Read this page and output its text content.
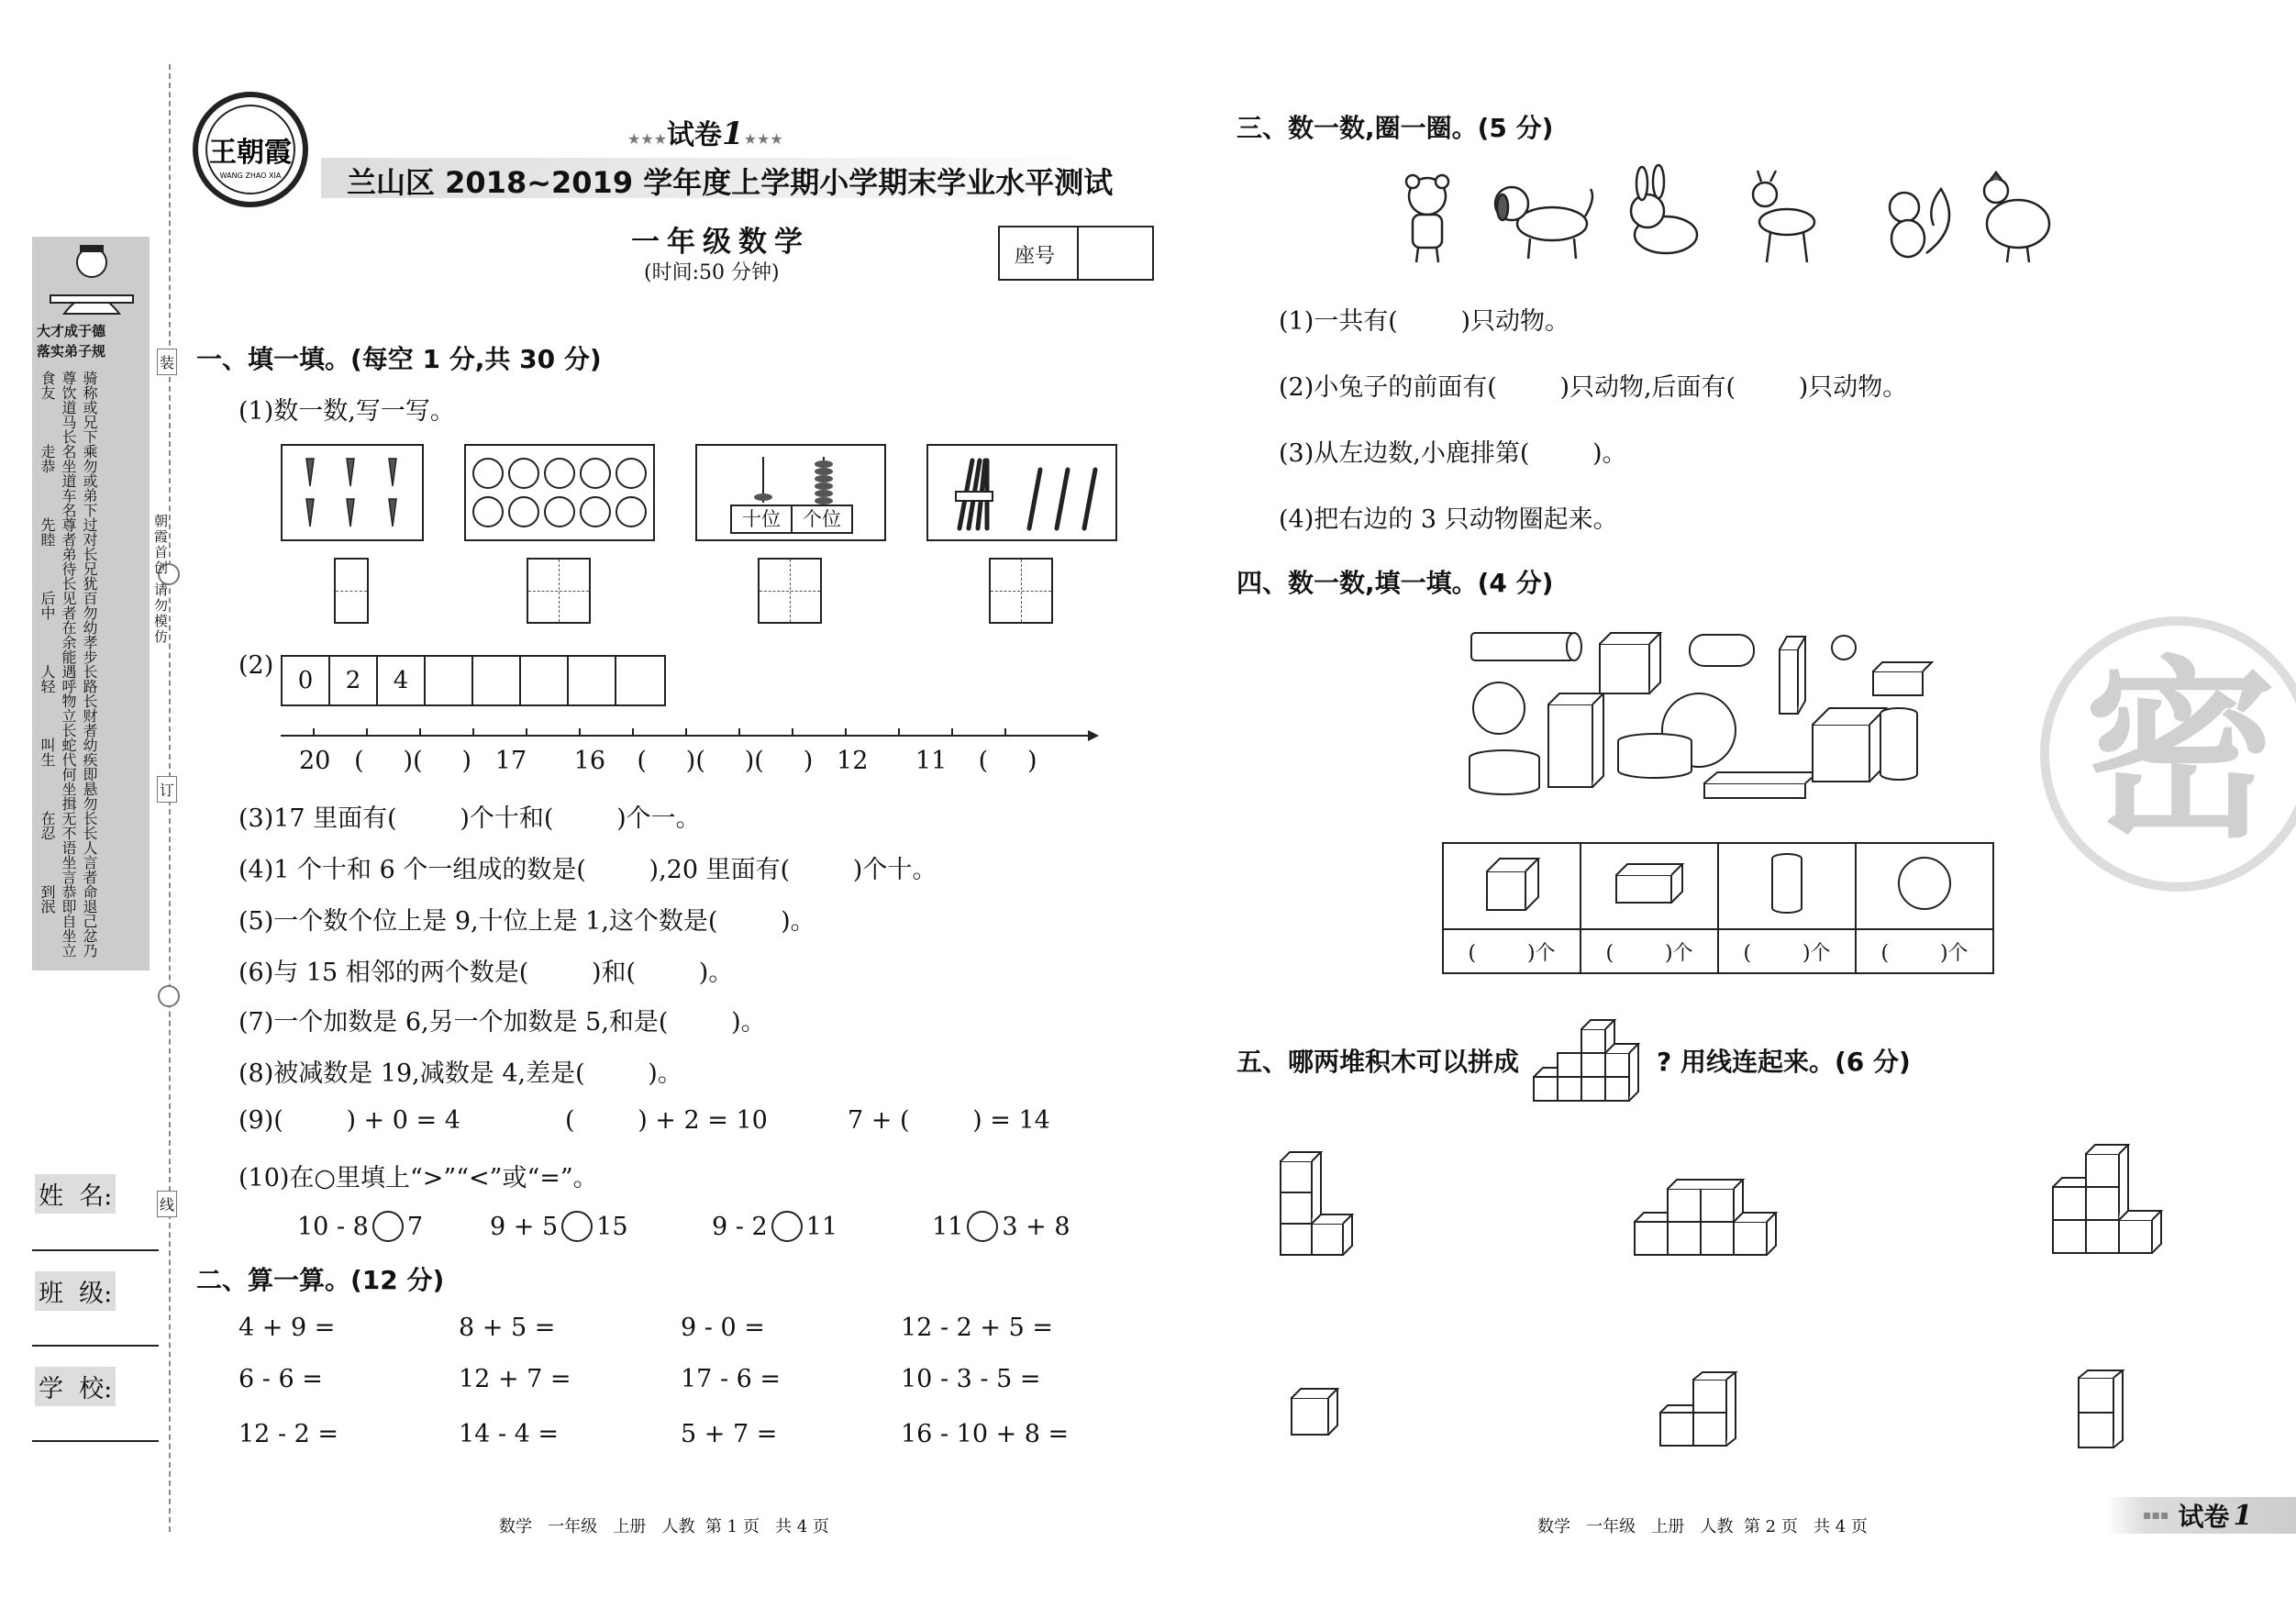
大才成于德
落实弟子规
骑称或兄下尊饮道马长食友
乘勿或弟下名坐道车名走恭
过对长兄犹尊者弟待长先睦
百勿幼孝步见者在余能后中
长路长财者遇呼物立长人轻
幼疾即悬勿蛇代何坐揖叫生
长长人言者无不语坐言在忍
命退己忿乃恭即自坐立到泯
装
订
线
朝霞首创 请勿模仿
姓  名:
班  级:
学  校:
王朝霞
WANG ZHAO XIA
★★★试卷1★★★
兰山区 2018~2019 学年度上学期小学期末学业水平测试
一年级数学
(时间:50 分钟)
座号
一、填一填。(每空 1 分,共 30 分)
(1)数一数,写一写。
十位	个位
(2)
0	2	4
20   (     )(     )   17      16    (     )(     )(     )   12      11    (     )
(3)17 里面有(        )个十和(        )个一。
(4)1 个十和 6 个一组成的数是(        ),20 里面有(        )个十。
(5)一个数个位上是 9,十位上是 1,这个数是(        )。
(6)与 15 相邻的两个数是(        )和(        )。
(7)一个加数是 6,另一个加数是 5,和是(        )。
(8)被减数是 19,减数是 4,差是(        )。
(9)(        ) + 0 = 4	(        ) + 2 = 10	7 + (        ) = 14
(10)在○里填上“>”“<”或“=”。
10 - 8 7	9 + 5 15	9 - 2 11	11 3 + 8
二、算一算。(12 分)
4 + 9 =	8 + 5 =	9 - 0 =	12 - 2 + 5 =
6 - 6 =	12 + 7 =	17 - 6 =	10 - 3 - 5 =
12 - 2 =	14 - 4 =	5 + 7 =	16 - 10 + 8 =
数学   一年级   上册   人教  第 1 页   共 4 页
三、数一数,圈一圈。(5 分)
(1)一共有(        )只动物。
(2)小兔子的前面有(        )只动物,后面有(        )只动物。
(3)从左边数,小鹿排第(        )。
(4)把右边的 3 只动物圈起来。
四、数一数,填一填。(4 分)

(        )个	(        )个	(        )个	(        )个
五、哪两堆积木可以拼成	? 用线连起来。(6 分)
数学   一年级   上册   人教  第 2 页   共 4 页
▪▪▪ 试卷 1
密
